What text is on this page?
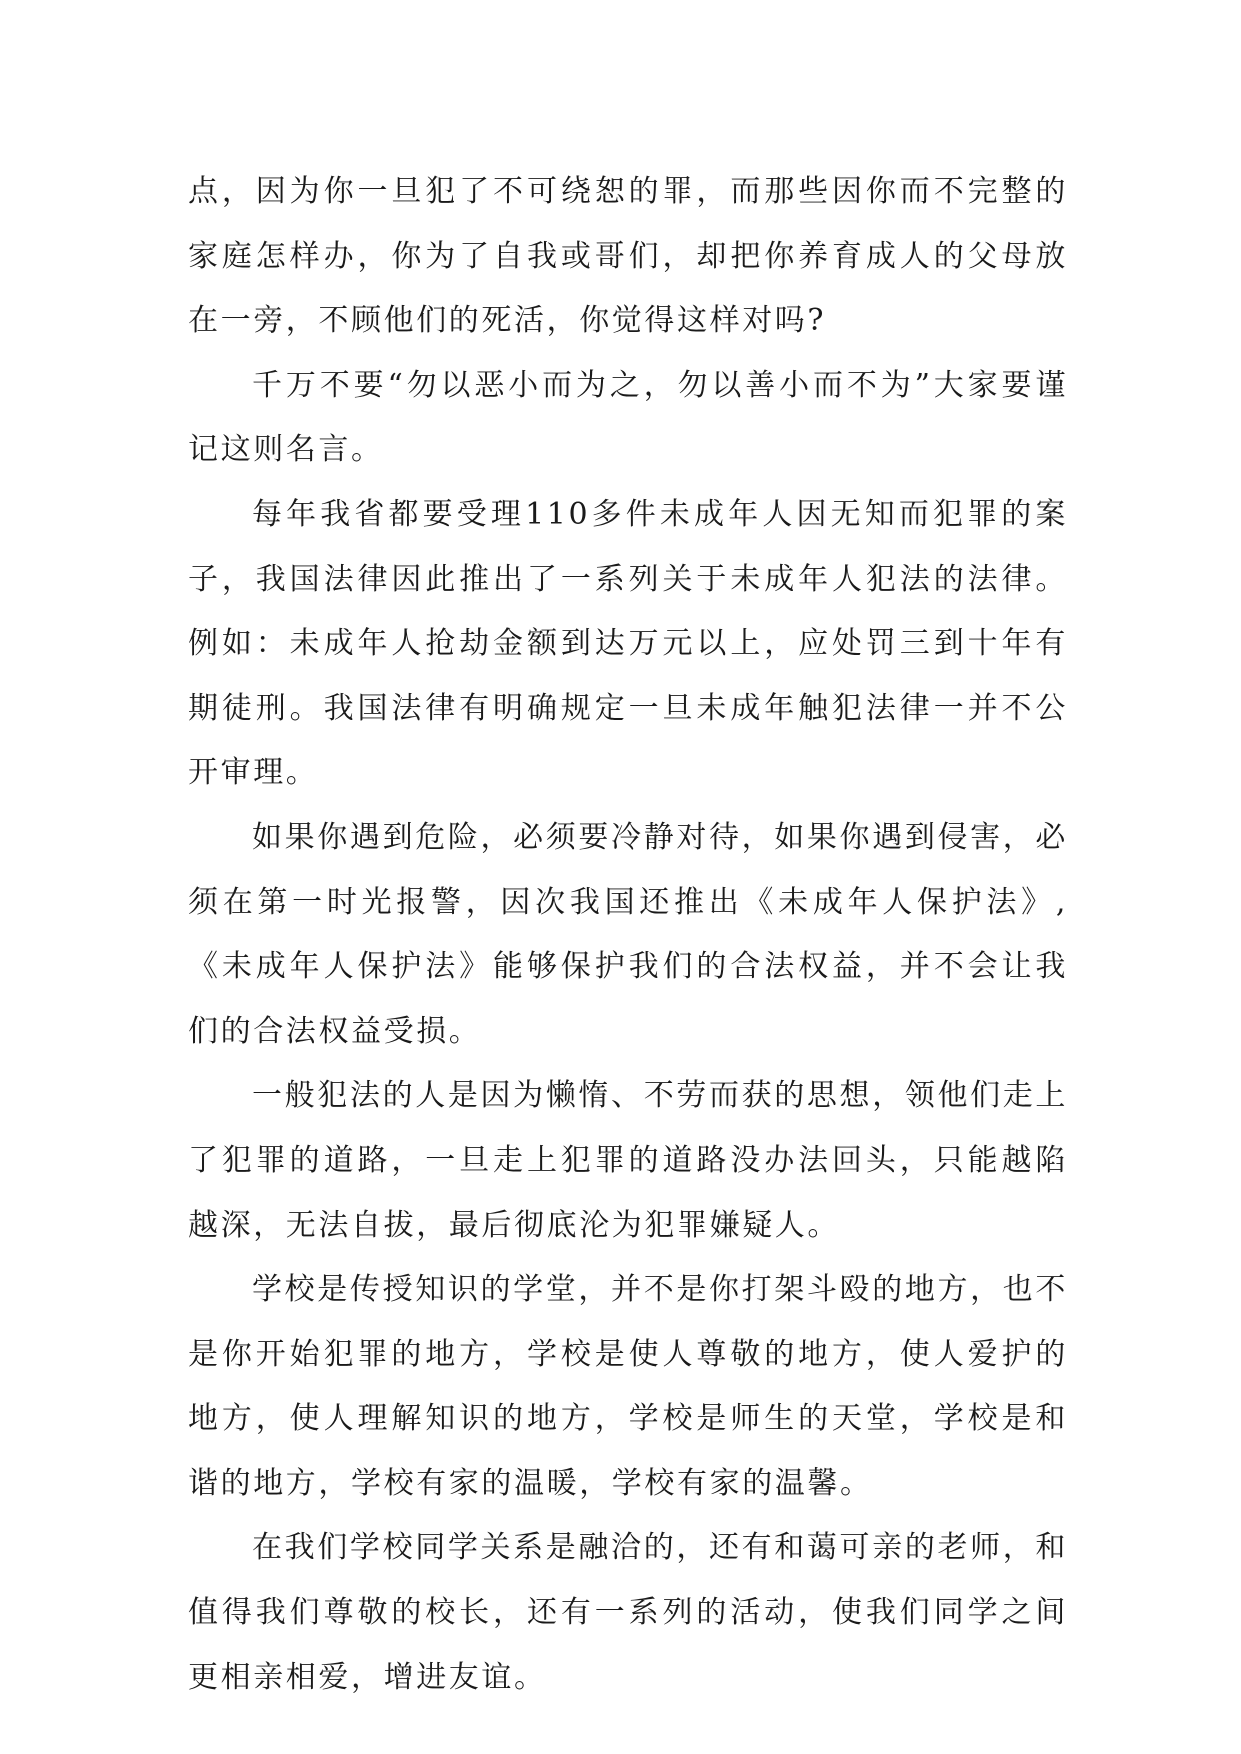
点，因为你一旦犯了不可绕恕的罪，而那些因你而不完整的家庭怎样办，你为了自我或哥们，却把你养育成人的父母放在一旁，不顾他们的死活，你觉得这样对吗?

千万不要“勿以恶小而为之，勿以善小而不为”大家要谨记这则名言。

每年我省都要受理110多件未成年人因无知而犯罪的案子，我国法律因此推出了一系列关于未成年人犯法的法律。例如：未成年人抢劫金额到达万元以上，应处罚三到十年有期徒刑。我国法律有明确规定一旦未成年触犯法律一并不公开审理。

如果你遇到危险，必须要冷静对待，如果你遇到侵害，必须在第一时光报警，因次我国还推出《未成年人保护法》,《未成年人保护法》能够保护我们的合法权益，并不会让我们的合法权益受损。

一般犯法的人是因为懒惰、不劳而获的思想，领他们走上了犯罪的道路，一旦走上犯罪的道路没办法回头，只能越陷越深，无法自拔，最后彻底沦为犯罪嫌疑人。

学校是传授知识的学堂，并不是你打架斗殴的地方，也不是你开始犯罪的地方，学校是使人尊敬的地方，使人爱护的地方，使人理解知识的地方，学校是师生的天堂，学校是和谐的地方，学校有家的温暖，学校有家的温馨。

在我们学校同学关系是融洽的，还有和蔼可亲的老师，和值得我们尊敬的校长，还有一系列的活动，使我们同学之间更相亲相爱，增进友谊。
